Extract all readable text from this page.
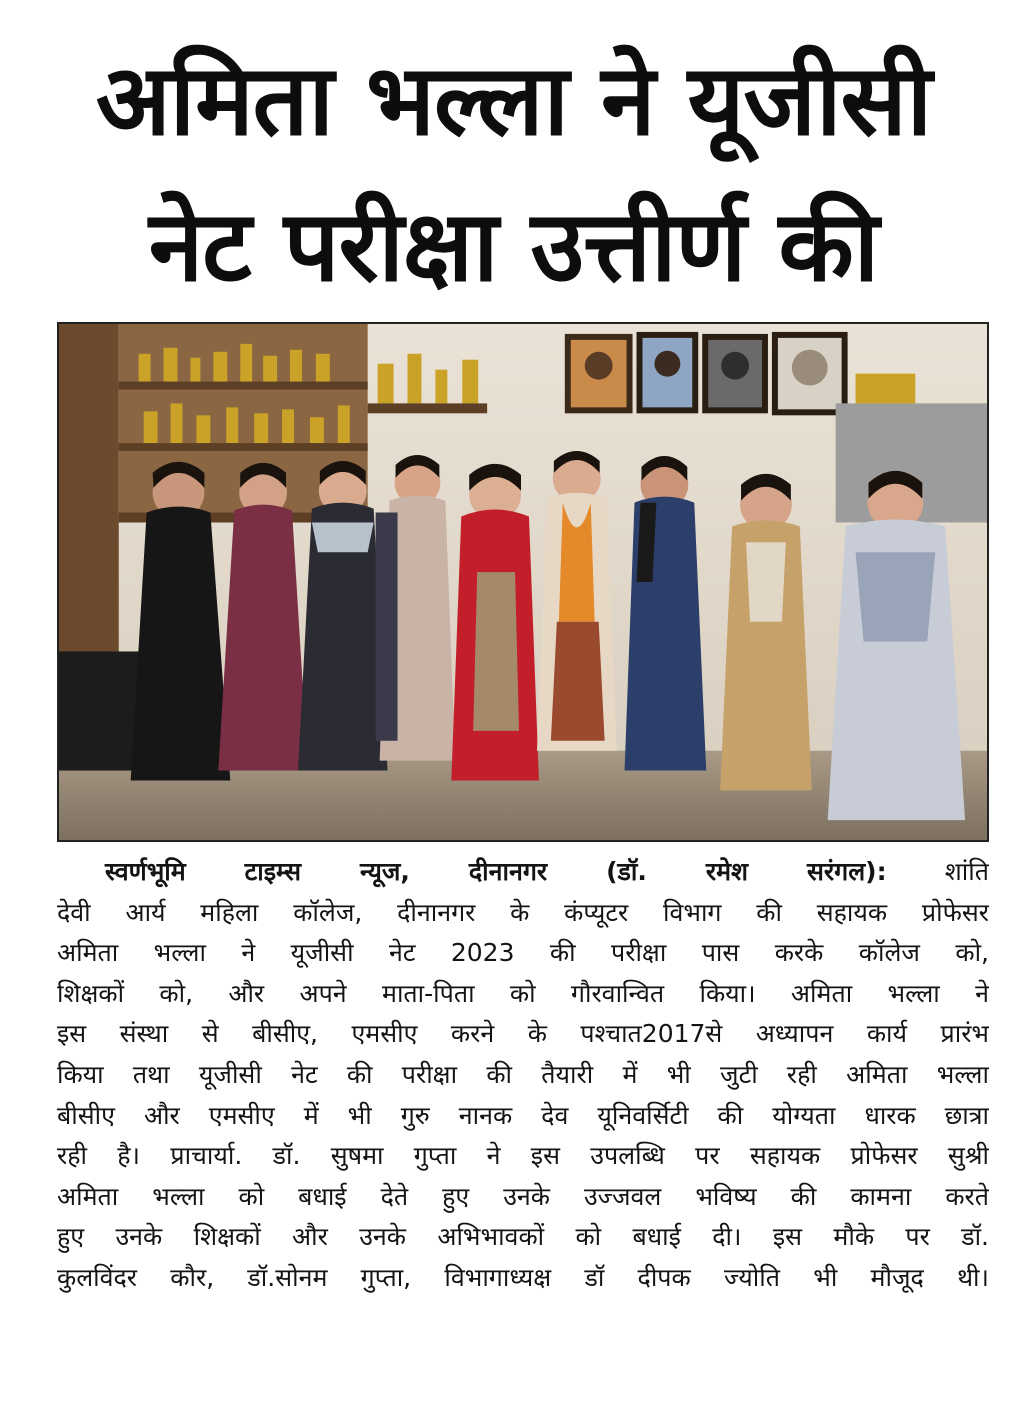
अमिता भल्ला ने यूजीसी
नेट परीक्षा उत्तीर्ण की
स्वर्णभूमि टाइम्स न्यूज, दीनानगर (डॉ. रमेश सरंगल): शांति
देवी आर्य महिला कॉलेज, दीनानगर के कंप्यूटर विभाग की सहायक प्रोफेसर
अमिता भल्ला ने यूजीसी नेट 2023 की परीक्षा पास करके कॉलेज को,
शिक्षकों को, और अपने माता-पिता को गौरवान्वित किया। अमिता भल्ला ने
इस संस्था से बीसीए, एमसीए करने के पश्चात2017से अध्यापन कार्य प्रारंभ
किया तथा यूजीसी नेट की परीक्षा की तैयारी में भी जुटी रही अमिता भल्ला
बीसीए और एमसीए में भी गुरु नानक देव यूनिवर्सिटी की योग्यता धारक छात्रा
रही है। प्राचार्या. डॉ. सुषमा गुप्ता ने इस उपलब्धि पर सहायक प्रोफेसर सुश्री
अमिता भल्ला को बधाई देते हुए उनके उज्जवल भविष्य की कामना करते
हुए उनके शिक्षकों और उनके अभिभावकों को बधाई दी। इस मौके पर डॉ.
कुलविंदर कौर, डॉ.सोनम गुप्ता, विभागाध्यक्ष डॉ दीपक ज्योति भी मौजूद थी।
